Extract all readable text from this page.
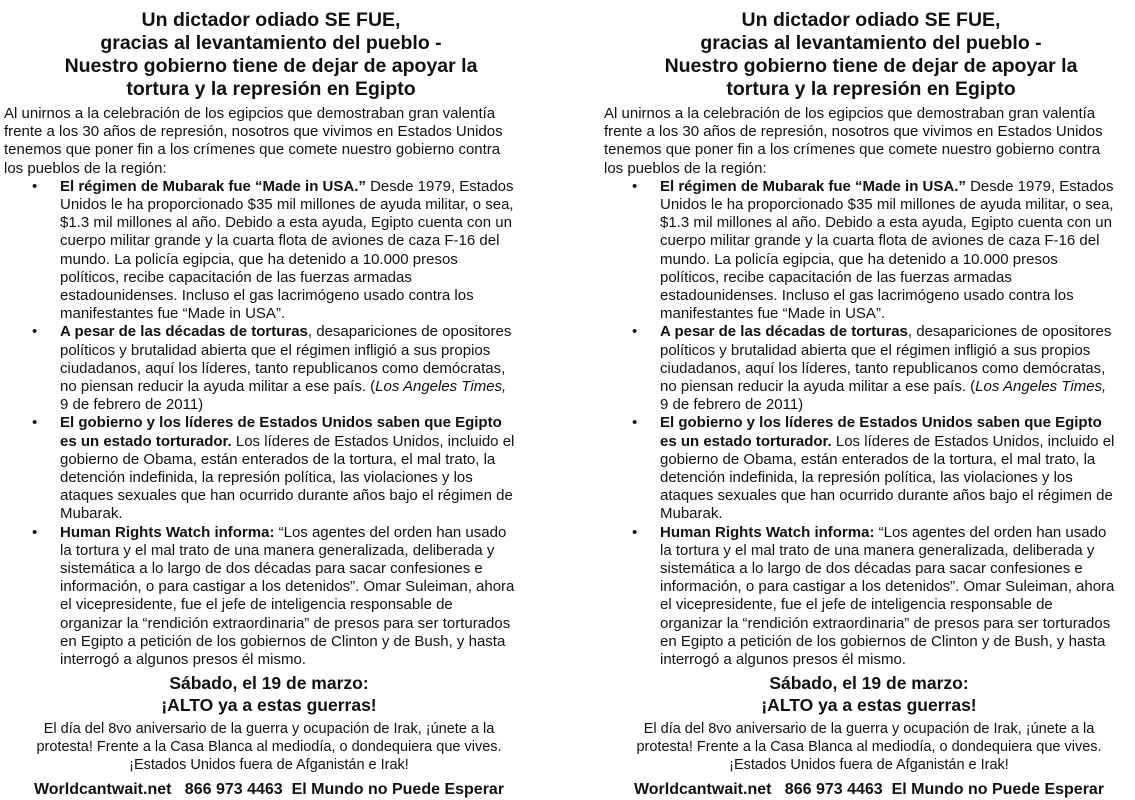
Un dictador odiado SE FUE,
gracias al levantamiento del pueblo -
Nuestro gobierno tiene de dejar de apoyar la
tortura y la represión en Egipto
Al unirnos a la celebración de los egipcios que demostraban gran valentía
frente a los 30 años de represión, nosotros que vivimos en Estados Unidos
tenemos que poner fin a los crímenes que comete nuestro gobierno contra
los pueblos de la región:
• El régimen de Mubarak fue “Made in USA.” Desde 1979, Estados
Unidos le ha proporcionado $35 mil millones de ayuda militar, o sea,
$1.3 mil millones al año. Debido a esta ayuda, Egipto cuenta con un
cuerpo militar grande y la cuarta flota de aviones de caza F-16 del
mundo. La policía egipcia, que ha detenido a 10.000 presos
políticos, recibe capacitación de las fuerzas armadas
estadounidenses. Incluso el gas lacrimógeno usado contra los
manifestantes fue “Made in USA”.
• A pesar de las décadas de torturas, desapariciones de opositores
políticos y brutalidad abierta que el régimen infligió a sus propios
ciudadanos, aquí los líderes, tanto republicanos como demócratas,
no piensan reducir la ayuda militar a ese país. (Los Angeles Times,
9 de febrero de 2011)
• El gobierno y los líderes de Estados Unidos saben que Egipto
es un estado torturador. Los líderes de Estados Unidos, incluido el
gobierno de Obama, están enterados de la tortura, el mal trato, la
detención indefinida, la represión política, las violaciones y los
ataques sexuales que han ocurrido durante años bajo el régimen de
Mubarak.
• Human Rights Watch informa: “Los agentes del orden han usado
la tortura y el mal trato de una manera generalizada, deliberada y
sistemática a lo largo de dos décadas para sacar confesiones e
información, o para castigar a los detenidos”. Omar Suleiman, ahora
el vicepresidente, fue el jefe de inteligencia responsable de
organizar la “rendición extraordinaria” de presos para ser torturados
en Egipto a petición de los gobiernos de Clinton y de Bush, y hasta
interrogó a algunos presos él mismo.
Sábado, el 19 de marzo:
¡ALTO ya a estas guerras!
El día del 8vo aniversario de la guerra y ocupación de Irak, ¡únete a la
protesta! Frente a la Casa Blanca al mediodía, o dondequiera que vives.
¡Estados Unidos fuera de Afganistán e Irak!
Worldcantwait.net 866 973 4463 El Mundo no Puede Esperar
Un dictador odiado SE FUE,
gracias al levantamiento del pueblo -
Nuestro gobierno tiene de dejar de apoyar la
tortura y la represión en Egipto
Al unirnos a la celebración de los egipcios que demostraban gran valentía
frente a los 30 años de represión, nosotros que vivimos en Estados Unidos
tenemos que poner fin a los crímenes que comete nuestro gobierno contra
los pueblos de la región:
• El régimen de Mubarak fue “Made in USA.” Desde 1979, Estados
Unidos le ha proporcionado $35 mil millones de ayuda militar, o sea,
$1.3 mil millones al año. Debido a esta ayuda, Egipto cuenta con un
cuerpo militar grande y la cuarta flota de aviones de caza F-16 del
mundo. La policía egipcia, que ha detenido a 10.000 presos
políticos, recibe capacitación de las fuerzas armadas
estadounidenses. Incluso el gas lacrimógeno usado contra los
manifestantes fue “Made in USA”.
• A pesar de las décadas de torturas, desapariciones de opositores
políticos y brutalidad abierta que el régimen infligió a sus propios
ciudadanos, aquí los líderes, tanto republicanos como demócratas,
no piensan reducir la ayuda militar a ese país. (Los Angeles Times,
9 de febrero de 2011)
• El gobierno y los líderes de Estados Unidos saben que Egipto
es un estado torturador. Los líderes de Estados Unidos, incluido el
gobierno de Obama, están enterados de la tortura, el mal trato, la
detención indefinida, la represión política, las violaciones y los
ataques sexuales que han ocurrido durante años bajo el régimen de
Mubarak.
• Human Rights Watch informa: “Los agentes del orden han usado
la tortura y el mal trato de una manera generalizada, deliberada y
sistemática a lo largo de dos décadas para sacar confesiones e
información, o para castigar a los detenidos”. Omar Suleiman, ahora
el vicepresidente, fue el jefe de inteligencia responsable de
organizar la “rendición extraordinaria” de presos para ser torturados
en Egipto a petición de los gobiernos de Clinton y de Bush, y hasta
interrogó a algunos presos él mismo.
Sábado, el 19 de marzo:
¡ALTO ya a estas guerras!
El día del 8vo aniversario de la guerra y ocupación de Irak, ¡únete a la
protesta! Frente a la Casa Blanca al mediodía, o dondequiera que vives.
¡Estados Unidos fuera de Afganistán e Irak!
Worldcantwait.net 866 973 4463 El Mundo no Puede Esperar
